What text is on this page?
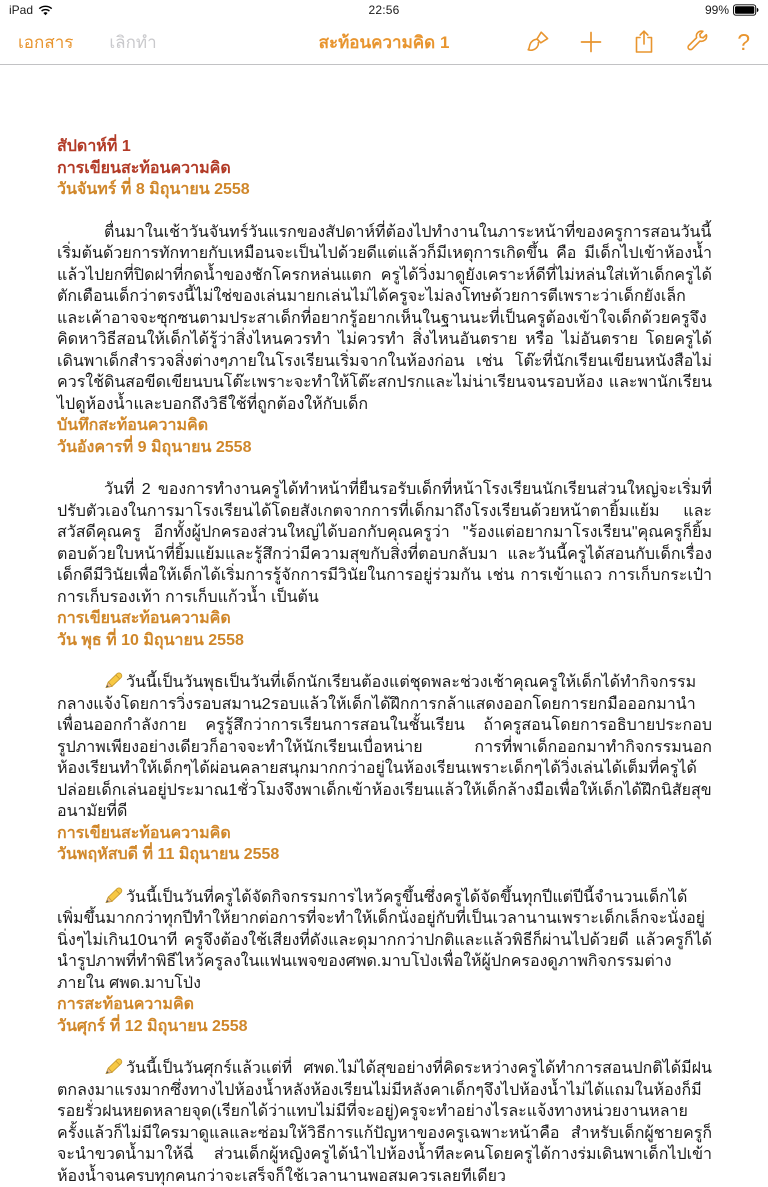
iPad	22:56	99%
เอกสาร เลิกทำ	สะท้อนความคิด 1	?
สัปดาห์ที่ 1
การเขียนสะท้อนความคิด
วันจันทร์ ที่ 8 มิถุนายน 2558
ตื่นมาในเช้าวันจันทร์วันแรกของสัปดาห์ที่ต้องไปทำงานในภาระหน้าที่ของครูการสอนวันนี้เริ่มต้นด้วยการทักทายกับเหมือนจะเป็นไปด้วยดีแต่แล้วก็มีเหตุการเกิดขึ้น คือ มีเด็กไปเข้าห้องน้ำแล้วไปยกที่ปิดฝาที่กดน้ำของชักโครกหล่นแตก ครูได้วิ่งมาดูยังเคราะห์ดีที่ไม่หล่นใส่เท้าเด็กครูได้ตักเตือนเด็กว่าตรงนี้ไม่ใช่ของเล่นมายกเล่นไม่ได้ครูจะไม่ลงโทษด้วยการตีเพราะว่าเด็กยังเล็กและเค้าอาจจะซุกซนตามประสาเด็กที่อยากรู้อยากเห็นในฐานนะที่เป็นครูต้องเข้าใจเด็กด้วยครูจึงคิดหาวิธีสอนให้เด็กได้รู้ว่าสิ่งไหนควรทำ ไม่ควรทำ สิ่งไหนอันตราย หรือ ไม่อันตราย โดยครูได้เดินพาเด็กสำรวจสิ่งต่างๆภายในโรงเรียนเริ่มจากในห้องก่อน เช่น โต๊ะที่นักเรียนเขียนหนังสือไม่ควรใช้ดินสอขีดเขียนบนโต๊ะเพราะจะทำให้โต๊ะสกปรกและไม่น่าเรียนจนรอบห้อง และพานักเรียนไปดูห้องน้ำและบอกถึงวิธีใช้ที่ถูกต้องให้กับเด็ก
บันทึกสะท้อนความคิด
วันอังคารที่ 9 มิถุนายน 2558
วันที่ 2 ของการทำงานครูได้ทำหน้าที่ยืนรอรับเด็กที่หน้าโรงเรียนนักเรียนส่วนใหญ่จะเริ่มที่ปรับตัวเองในการมาโรงเรียนได้โดยสังเกตจากการที่เด็กมาถึงโรงเรียนด้วยหน้าตายิ้มแย้ม และสวัสดีคุณครู อีกทั้งผู้ปกครองส่วนใหญ่ได้บอกกับคุณครูว่า "ร้องแต่อยากมาโรงเรียน"คุณครูก็ยิ้มตอบด้วยใบหน้าที่ยิ้มแย้มและรู้สึกว่ามีความสุขกับสิ่งที่ตอบกลับมา และวันนี้ครูได้สอนกับเด็กเรื่อง เด็กดีมีวินัยเพื่อให้เด็กได้เริ่มการรู้จักการมีวินัยในการอยู่ร่วมกัน เช่น การเข้าแถว การเก็บกระเป๋า การเก็บรองเท้า การเก็บแก้วน้ำ เป็นต้น
การเขียนสะท้อนความคิด
วัน พุธ ที่ 10 มิถุนายน 2558
วันนี้เป็นวันพุธเป็นวันที่เด็กนักเรียนต้องแต่ชุดพละช่วงเช้าคุณครูให้เด็กได้ทำกิจกรรมกลางแจ้งโดยการวิ่งรอบสมาน2รอบแล้วให้เด็กได้ฝึกการกล้าแสดงออกโดยการยกมือออกมานำเพื่อนออกกำลังกาย ครูรู้สึกว่าการเรียนการสอนในชั้นเรียน ถ้าครูสอนโดยการอธิบายประกอบรูปภาพเพียงอย่างเดียวก็อาจจะทำให้นักเรียนเบื่อหน่าย การที่พาเด็กออกมาทำกิจกรรมนอกห้องเรียนทำให้เด็กๆได้ผ่อนคลายสนุกมากกว่าอยู่ในห้องเรียนเพราะเด็กๆได้วิ่งเล่นได้เต็มที่ครูได้ปล่อยเด็กเล่นอยู่ประมาณ1ชั่วโมงจึงพาเด็กเข้าห้องเรียนแล้วให้เด็กล้างมือเพื่อให้เด็กได้ฝึกนิสัยสุขอนามัยที่ดี
การเขียนสะท้อนความคิด
วันพฤหัสบดี ที่ 11 มิถุนายน 2558
วันนี้เป็นวันที่ครูได้จัดกิจกรรมการไหว้ครูขึ้นซึ่งครูได้จัดขึ้นทุกปีแต่ปีนี้จำนวนเด็กได้เพิ่มขึ้นมากกว่าทุกปีทำให้ยากต่อการที่จะทำให้เด็กนั่งอยู่กับที่เป็นเวลานานเพราะเด็กเล็กจะนั่งอยู่นิ่งๆไม่เกิน10นาที ครูจึงต้องใช้เสียงที่ดังและดุมากกว่าปกติและแล้วพิธีก็ผ่านไปด้วยดี แล้วครูก็ได้นำรูปภาพที่ทำพิธีไหว้ครูลงในแฟนเพจของศพด.มาบโป่งเพื่อให้ผู้ปกครองดูภาพกิจกรรมต่างภายใน ศพด.มาบโป่ง
การสะท้อนความคิด
วันศุกร์ ที่ 12 มิถุนายน 2558
วันนี้เป็นวันศุกร์แล้วแต่ที่ ศพด.ไม่ได้สุขอย่างที่คิดระหว่างครูได้ทำการสอนปกติได้มีฝนตกลงมาแรงมากซึ่งทางไปห้องน้ำหลังห้องเรียนไม่มีหลังคาเด็กๆจึงไปห้องน้ำไม่ได้แถมในห้องก็มีรอยรั่วฝนหยดหลายจุด(เรียกได้ว่าแทบไม่มีที่จะอยู่)ครูจะทำอย่างไรละแจ้งทางหน่วยงานหลายครั้งแล้วก็ไม่มีใครมาดูแลและซ่อมให้วิธีการแก้ปัญหาของครูเฉพาะหน้าคือ สำหรับเด็กผู้ชายครูก็จะนำขวดน้ำมาให้ฉี่ ส่วนเด็กผู้หญิงครูได้นำไปห้องน้ำทีละคนโดยครูได้กางร่มเดินพาเด็กไปเข้าห้องน้ำจนครบทุกคนกว่าจะเสร็จก็ใช้เวลานานพอสมควรเลยทีเดียว
